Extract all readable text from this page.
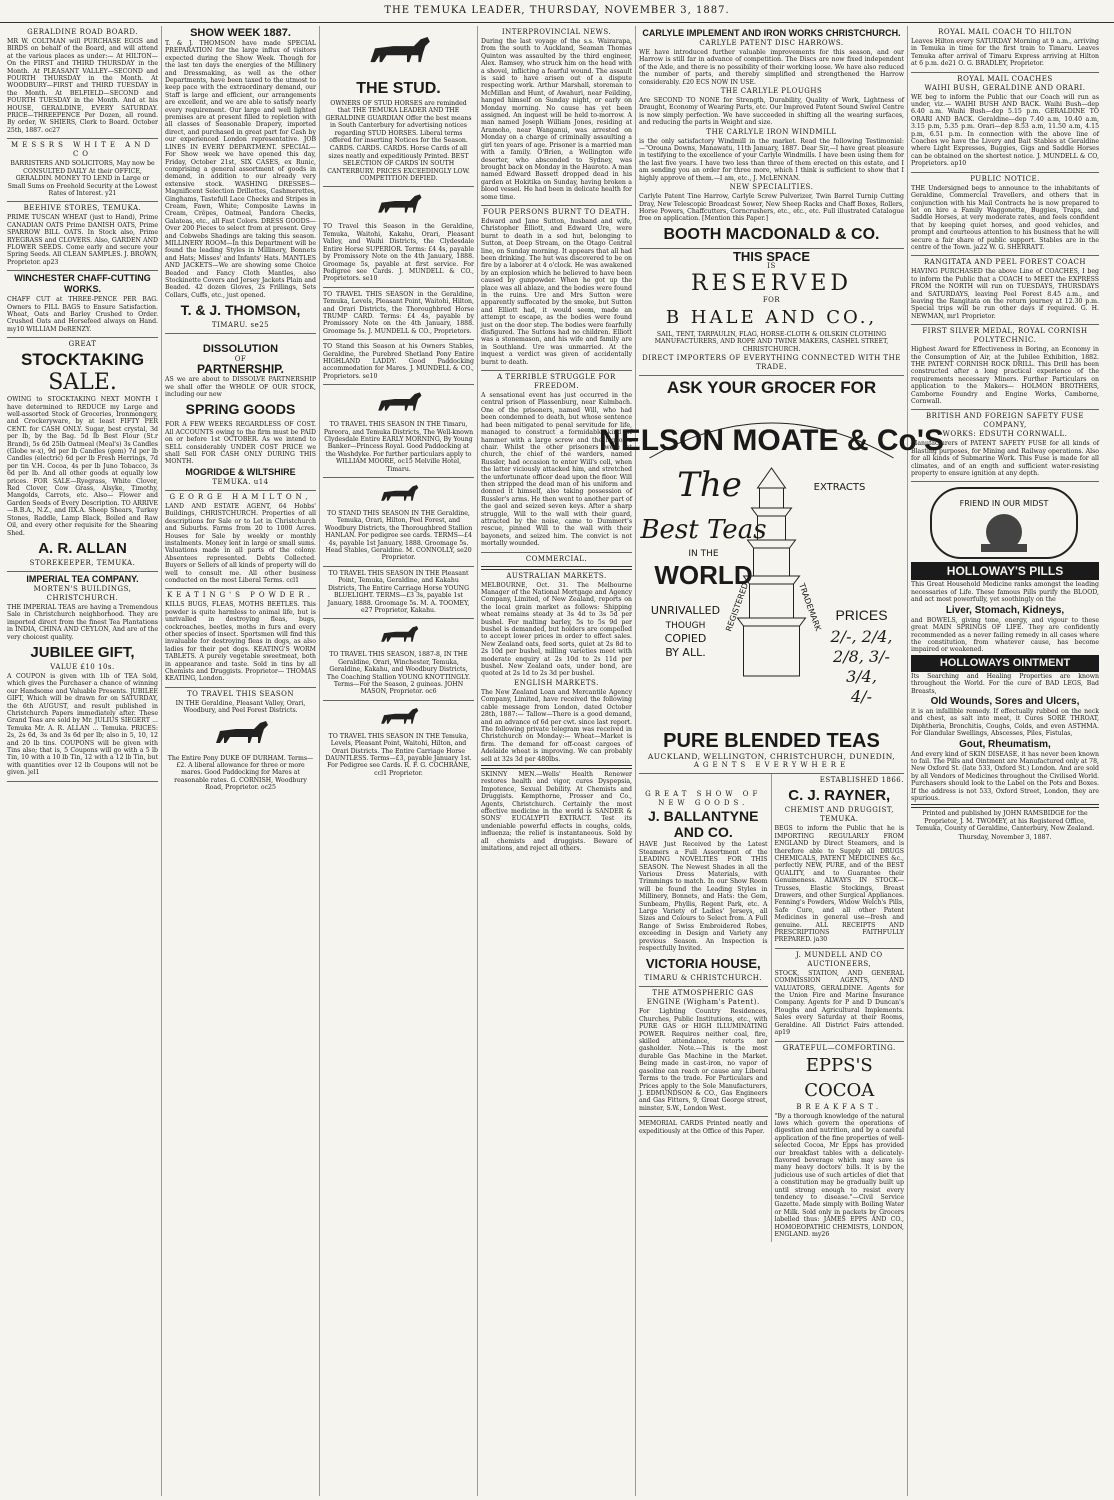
THE TEMUKA LEADER, THURSDAY, NOVEMBER 3, 1887.
GERALDINE ROAD BOARD.
MR W. COLTMAN will PURCHASE EGGS and BIRDS on behalf of the Board, and will attend at the various places as under:— At HILTON—On the FIRST and THIRD THURSDAY in the Month. At PLEASANT VALLEY—SECOND and FOURTH THURSDAY in the Month. At WOODBURY—FIRST and THIRD TUESDAY in the Month. At BELFIELD—SECOND and FOURTH TUESDAY in the Month. And at his HOUSE, GERALDINE, EVERY SATURDAY. PRICE—THREEPENCE Per Dozen, all round. By order, W. SHIERS, Clerk to Board. October 25th, 1887. oc27
MESSRS WHITE AND CO
BARRISTERS AND SOLICITORS, May now be CONSULTED DAILY At their OFFICE, GERALDIN. MONEY TO LEND in Large or Small Sums on Freehold Security at the Lowest Rates of Interest. y21
BEEHIVE STORES, TEMUKA.
PRIME TUSCAN WHEAT (just to Hand), Prime CANADIAN OATS Prime DANISH OATS, Prime SPARROW BILL OATS. In Stock also, Prime RYEGRASS and CLOVERS. Also, GARDEN AND FLOWER SEEDS. Come early and secure your Spring Seeds. All CLEAN SAMPLES. J. BROWN, Proprietor. ap23
WINCHESTER CHAFF-CUTTING WORKS.
CHAFF CUT at THREE-PENCE PER BAG. Owners to FILL BAGS to Ensure Satisfaction. Wheat, Oats and Barley Crushed to Order. Crushed Oats and Horsefeed always on Hand. my10 WILLIAM DeRENZY.
GREAT
STOCKTAKING
SALE.
OWING to STOCKTAKING NEXT MONTH I have determined to REDUCE my Large and well-assorted Stock of Groceries, Ironmongery, and Crockeryware, by at least FIFTY PER CENT. for CASH ONLY. Sugar, best crystal, 3d per lb, by the Bag. 5d lb Best Flour (St.r Brand), 5s 6d 25lb Oatmeal (Meal's) 3s Candles (Globe w-x), 9d per lb Candles (gem) 7d per lb Candles (electric) 6d per lb Fresh Herrings, 7d per tin V.H. Cocoa, 4s per lb Juno Tobacco, 3s 6d per lb. And all other goods at equally low prices. FOR SALE—Ryegrass, White Clover, Red Clover, Cow Grass, Alsyke, Timothy, Mangolds, Carrots, etc. Also— Flower and Garden Seeds of Every Description. TO ARRIVE—B.B.A., N.Z., and IIX.A. Sheep Shears, Turkey Stones, Raddle, Lamp Black, Boiled and Raw Oil, and every other requisite for the Shearing Shed.
A. R. ALLAN
STOREKEEPER, TEMUKA.
IMPERIAL TEA COMPANY.
MORTEN'S BUILDINGS, CHRISTCHURCH.
THE IMPERIAL TEAS are having a Tremendous Sale in Christchurch neighborhood. They are imported direct from the finest Tea Plantations in INDIA, CHINA AND CEYLON, And are of the very choicest quality.
JUBILEE GIFT,
VALUE £10 10s.
A COUPON is given with 1lb of TEA Sold, which gives the Purchaser a chance of winning our Handsome and Valuable Presents. JUBILEE GIFT, Which will be drawn for on SATURDAY, the 6th AUGUST, and result published in Christchurch Papers immediately after. These Grand Teas are sold by Mr. JULIUS SIEGERT ... Temuka Mr. A. R. ALLAN ... Temuka. PRICES: 2s, 2s 6d, 3s and 3s 6d per lb; also in 5, 10, 12 and 20 lb tins. COUPONS will be given with Tins also; that is, 5 Coupons will go with a 5 lb Tin, 10 with a 10 lb Tin, 12 with a 12 lb Tin, but with quantities over 12 lb Coupons will not be given. jel1
SHOW WEEK 1887.
T. & J. THOMSON have made SPECIAL PREPARATION for the large influx of visitors expected during the Show Week. Though for the last ten days the energies of the Millinery and Dressmaking, as well as the other Departments, have been taxed to the utmost to keep pace with the extraordinary demand, our Staff is large and efficient, our arrangements are excellent, and we are able to satisfy nearly every requirement. Our large and well lighted premises are at present filled to repletion with all classes of Seasonable Drapery, imported direct, and purchased in great part for Cash by our experienced London representative. JOB LINES IN EVERY DEPARTMENT. SPECIAL—For Show week we have opened this day, Friday, October 21st, SIX CASES, ex Runic, comprising a general assortment of goods in demand, in addition to our already very extensive stock. WASHING DRESSES—Magnificent Selection Drillettes, Cashmerettes, Ginghams, Tastefull Lace Checks and Stripes in Cream, Fawn, White; Composite Lawns in Cream, Crêpes, Oatmeal, Pandora Checks, Galateas, etc., all Fast Colors. DRESS GOODS—Over 200 Pieces to select from at present. Grey and Cobwebs Shadings are taking this season. MILLINERY ROOM—In this Department will be found the leading Styles in Millinery, Bonnets and Hats; Misses' and Infants' Hats. MANTLES AND JACKETS—We are showing some Choice Beaded and Fancy Cloth Mantles, also Stockinette Covers and Jersey Jackets Plain and Beaded. 42 dozen Gloves, 2s Frillings, Sets Collars, Cuffs, etc., just opened.
T. & J. THOMSON,
TIMARU. se25
DISSOLUTION
OF
PARTNERSHIP.
AS we are about to DISSOLVE PARTNERSHIP we shall offer the WHOLE OF OUR STOCK, including our new
SPRING GOODS
FOR A FEW WEEKS REGARDLESS OF COST. All ACCOUNTS owing to the firm must be PAID on or before 1st OCTOBER. As we intend to SELL considerably UNDER COST PRICE we shall Sell FOR CASH ONLY DURING THIS MONTH.
MOGRIDGE & WILTSHIRE
TEMUKA. u14
GEORGE HAMILTON,
LAND AND ESTATE AGENT, 64 Hobbs' Buildings, CHRISTCHURCH. Properties of all descriptions for Sale or to Let in Christchurch and Suburbs. Farms from 20 to 1000 Acres. Houses for Sale by weekly or monthly instalments. Money lent in large or small sums. Valuations made in all parts of the colony. Absentees represented. Debts Collected. Buyers or Sellers of all kinds of property will do well to consult me. All other business conducted on the most Liberal Terms. ccl1
KEATING'S POWDER.
KILLS BUGS, FLEAS, MOTHS BEETLES. This powder is quite harmless to animal life, but is unrivalled in destroying fleas, bugs, cockroaches, beetles, moths in furs and every other species of insect. Sportsmen will find this invaluable for destroying fleas in dogs, as also ladies for their pet dogs. KEATING'S WORM TABLETS. A purely vegetable sweetmeat, both in appearance and taste. Sold in tins by all Chemists and Druggists. Proprietor— THOMAS KEATING, London.
TO TRAVEL THIS SEASON
IN THE Geraldine, Pleasant Valley, Orari, Woodbury, and Peel Forest Districts.
The Entire Pony DUKE OF DURHAM. Terms—£2. A liberal allowance for three or more mares. Good Paddocking for Mares at reasonable rates. G. CORNISH, Woodbury Road, Proprietor. oc25
THE STUD.
OWNERS OF STUD HORSES are reminded that THE TEMUKA LEADER AND THE GERALDINE GUARDIAN Offer the best means in South Canterbury for advertising notices regarding STUD HORSES. Liberal terms offered for inserting Notices for the Season.
CARDS. CARDS. CARDS. Horse Cards of all sizes neatly and expeditiously Printed. BEST SELECTION OF CARDS IN SOUTH CANTERBURY. PRICES EXCEEDINGLY LOW. COMPETITION DEFIED.
TO Travel this Season in the Geraldine, Temuka, Waitohi, Kakahu, Orari, Pleasant Valley, and Waihi Districts, the Clydesdale Entire Horse SUPERIOR. Terms: £4 4s, payable by Promissory Note on the 4th January, 1888. Groomage 5s, payable at first service. For Pedigree see Cards. J. MUNDELL & CO., Proprietors. se10
TO TRAVEL THIS SEASON in the Geraldine, Temuka, Levels, Pleasant Point, Waitohi, Hilton, and Orari Districts, the Thoroughbred Horse TRUMP CARD. Terms: £4 4s, payable by Promissory Note on the 4th January, 1888. Groomage 5s. J. MUNDELL & CO., Proprietors.
TO Stand this Season at his Owners Stables, Geraldine, the Purebred Shetland Pony Entire HIGHLAND LADDY. Good Paddocking accommodation for Mares. J. MUNDELL & CO., Proprietors. se10
TO TRAVEL THIS SEASON IN THE Timaru, Pareora, and Temuka Districts, The Well-known Clydesdale Entire EARLY MORNING, By Young Banker—Princess Royal. Good Paddocking at the Washdyke. For further particulars apply to WILLIAM MOORE, oc15 Melville Hotel, Timaru.
TO STAND THIS SEASON IN THE Geraldine, Temuka, Orari, Hilton, Peel Forest, and Woodbury Districts, the Thoroughbred Stallion HANLAN. For pedigree see cards. TERMS—£4 4s, payable 1st January, 1888. Groomage 5s. Head Stables, Geraldine. M. CONNOLLY, se20 Proprietor.
TO TRAVEL THIS SEASON IN THE Pleasant Point, Temuka, Geraldine, and Kakahu Districts, The Entire Carriage Horse YOUNG BLUELIGHT. TERMS—£3 3s, payable 1st January, 1888. Groomage 5s. M. A. TOOMEY, e27 Proprietor, Kakahu.
TO TRAVEL THIS SEASON, 1887-8, IN THE Geraldine, Orari, Winchester, Temuka, Geraldine, Kakahu, and Woodbury Districts, The Coaching Stallion YOUNG KNOTTINGLY. Terms—For the Season, 2 guineas. JOHN MASON, Proprietor. oc6
TO TRAVEL THIS SEASON IN THE Temuka, Levels, Pleasant Point, Waitohi, Hilton, and Orari Districts. The Entire Carriage Horse DAUNTLESS. Terms—£3, payable January 1st. For Pedigree see Cards. R. F. G. COCHRANE, ccl1 Proprietor.
INTERPROVINCIAL NEWS.
During the last voyage of the s.s. Wairarapa, from the south to Auckland, Seaman Thomas Quinton was assaulted by the third engineer, Alex. Ramsey, who struck him on the head with a shovel, inflicting a fearful wound. The assault is said to have arisen out of a dispute respecting work. Arthur Marshall, storeman to McMillan and Hunt, of Awahuri, near Feilding, hanged himself on Sunday night, or early on Monday morning. No cause has yet been assigned. An inquest will be held to-morrow. A man named Joseph William Jones, residing at Aramoho, near Wanganui, was arrested on Monday on a charge of criminally assaulting a girl ten years of age. Prisoner is a married man with a family. O'Brien, a Wellington wife deserter, who absconded to Sydney, was brought back on Monday in the Hauroto. A man named Edward Bassett dropped dead in his garden at Hokitika on Sunday, having broken a blood vessel. He had been in delicate health for some time.
FOUR PERSONS BURNT TO DEATH.
Edward and Jane Sutton, husband and wife, Christopher Elliott, and Edward Ure, were burnt to death in a sod hut, belonging to Sutton, at Deep Stream, on the Otago Central line, on Sunday morning. It appears that all had been drinking. The hut was discovered to be on fire by a laborer at 4 o'clock. He was awakened by an explosion which he believed to have been caused by gunpowder. When he got up the place was all ablaze, and the bodies were found in the ruins. Ure and Mrs Sutton were apparently suffocated by the smoke, but Sutton and Elliott had, it would seem, made an attempt to escape, as the bodies were found just on the door step. The bodies were fearfully disfigured. The Suttons had no children. Elliott was a stonemason, and his wife and family are in Southland. Ure was unmarried. At the inquest a verdict was given of accidentally burnt to death.
A TERRIBLE STRUGGLE FOR FREEDOM.
A sensational event has just occurred in the central prison of Plassenburg, near Kulmbach. One of the prisoners, named Will, who had been condemned to death, but whose sentence had been mitigated to penal servitude for life, managed to construct a formidable kind of hammer with a large screw and the leg of a chair. Whilst the other prisoners were at church, the chief of the warders, named Russler, had occasion to enter Will's cell, when the latter viciously attacked him, and stretched the unfortunate officer dead upon the floor. Will then stripped the dead man of his uniform and donned it himself, also taking possession of Russler's arms. He then went to another part of the gaol and seized seven keys. After a sharp struggle, Will to the wall with their guard, attracted by the noise, came to Dummert's rescue, pinned Will to the wall with their bayonets, and seized him. The convict is not mortally wounded.
COMMERCIAL.
AUSTRALIAN MARKETS.
MELBOURNE, Oct. 31. The Melbourne Manager of the National Mortgage and Agency Company, Limited, of New Zealand, reports on the local grain market as follows: Shipping wheat remains steady at 3s 4d to 3s 5d per bushel. For malting barley, 5s to 5s 9d per bushel is demanded, but holders are compelled to accept lower prices in order to effect sales. New Zealand oats, feed sorts, quiet at 2s 8d to 2s 10d per bushel, milling varieties meet with moderate enquiry at 2s 10d to 2s 11d per bushel. New Zealand oats, under bond, are quoted at 2s 1d to 2s 3d per bushel.
ENGLISH MARKETS.
The New Zealand Loan and Mercantile Agency Company, Limited, have received the following cable message from London, dated October 28th, 1887:— Tallow—There is a good demand, and an advance of 6d per cwt. since last report. The following private telegram was received in Christchurch on Monday:— Wheat—Market is firm. The demand for off-coast cargoes of Adelaide wheat is improving. We can probably sell at 32s 3d per 480lbs.
SKINNY MEN.—Wells' Health Renewer restores health and vigor, cures Dyspepsia, Impotence, Sexual Debility. At Chemists and Druggists. Kempthorne, Prosser and Co., Agents, Christchurch. Certainly the most effective medicine in the world is SANDER & SONS' EUCALYPTI EXTRACT. Test its undeniable powerful effects in coughs, colds, influenza; the relief is instantaneous. Sold by all chemists and druggists. Beware of imitations, and reject all others.
CARLYLE IMPLEMENT AND IRON WORKS CHRISTCHURCH.
CARLYLE PATENT DISC HARROWS.
WE have introduced further valuable improvements for this season, and our Harrow is still far in advance of competition. The Discs are now fixed independent of the Axle, and there is no possibility of their working loose. We have also reduced the number of parts, and thereby simplified and strengthened the Harrow considerably. £20 ECS NOW IN USE.
THE CARLYLE PLOUGHS
Are SECOND TO NONE for Strength, Durability, Quality of Work, Lightness of Draught, Economy of Wearing Parts, etc. Our Improved Patent Sound Swivel Centre is now simply perfection. We have succeeded in shifting all the wearing surfaces, and reducing the parts in Weight and size.
THE CARLYLE IRON WINDMILL
is the only satisfactory Windmill in the market. Read the following Testimonial:—"Orouna Downs, Manawatu, 11th January, 1887. Dear Sir,—I have great pleasure in testifying to the excellence of your Carlyle Windmills. I have been using them for the last five years. I have two less than three of them erected on this estate, and I am sending you an order for three more, which I think is sufficient to show that I highly approve of them.—I am, etc., J. McLENNAN.
NEW SPECIALITIES.
Carlyle Patent Tine Harrow, Carlyle Screw Pulverizer, Twin Barrel Turnip Cutting Dray, New Telescopic Broadcast Sower, New Sheep Racks and Chaff Boxes, Rollers, Horse Powers, Chaffcutters, Corncrushers, etc., etc., etc. Full illustrated Catalogue free on application. [Mention this Paper.]
BOOTH MACDONALD & CO.
THIS SPACE
IS
RESERVED
FOR
B HALE AND CO.,
SAIL, TENT, TARPAULIN, FLAG, HORSE-CLOTH & OILSKIN CLOTHING MANUFACTURERS, AND ROPE AND TWINE MAKERS, CASHEL STREET, CHRISTCHURCH.
DIRECT IMPORTERS OF EVERYTHING CONNECTED WITH THE TRADE.
ASK YOUR GROCER FOR
NELSON MOATE & Co'S
The
Best Teas
IN THE
WORLD
UNRIVALLED
THOUGH
COPIED
BY ALL.
EXTRACTS
REGISTERED	TRADEMARK PRICES
2/-, 2/4,
2/8, 3/-
3/4,
4/-
PURE BLENDED TEAS
AUCKLAND, WELLINGTON, CHRISTCHURCH, DUNEDIN,
AGENTS EVERYWHERE
GREAT SHOW OF NEW GOODS.
J. BALLANTYNE AND CO.
HAVE Just Received by the Latest Steamers a Full Assortment of the LEADING NOVELTIES FOR THIS SEASON. The Newest Shades in all the Various Dress Materials, with Trimmings to match. In our Show Room will be found the Leading Styles in Millinery, Bonnets, and Hats: the Gem, Sunbeam, Phyllis, Regent Park, etc. A Large Variety of Ladies' Jerseys, all Sizes and Colours to Select from. A Full Range of Swiss Embroidered Robes, exceeding in Design and Variety any previous Season. An Inspection is respectfully Invited.
VICTORIA HOUSE,
TIMARU & CHRISTCHURCH.
THE ATMOSPHERIC GAS ENGINE (Wigham's Patent).
For Lighting Country Residences, Churches, Public Institutions, etc., with PURE GAS or HIGH ILLUMINATING POWER. Requires neither coal, fire, skilled attendance, retorts nor gasholder. Note.—This is the most durable Gas Machine in the Market. Being made in cast-iron, no vapor of gasoline can reach or cause any Liberal Terms to the trade. For Particulars and Prices apply to the Sole Manufacturers, J. EDMUNDSON & CO., Gas Engineers and Gas Fitters, 9, Great George street, minster, S.W., London West.
MEMORIAL CARDS Printed neatly and expeditiously at the Office of this Paper.
ESTABLISHED 1866.
C. J. RAYNER,
CHEMIST AND DRUGGIST, TEMUKA.
BEGS to inform the Public that he is IMPORTING REGULARLY FROM ENGLAND by Direct Steamers, and is therefore able to Supply all DRUGS CHEMICALS, PATENT MEDICINES &c., perfectly NEW, PURE, and of the BEST QUALITY, and to Guarantee their Genuineness. ALWAYS IN STOCK—Trusses, Elastic Stockings, Breast Drawers, and other Surgical Appliances. Fenning's Powders, Widow Welch's Pills, Safe Cure, and all other Patent Medicines in general use—fresh and genuine. ALL RECEIPTS AND PRESCRIPTIONS FAITHFULLY PREPARED. ja30
J. MUNDELL AND CO AUCTIONEERS,
STOCK, STATION, AND GENERAL COMMISSION AGENTS, AND VALUATORS, GERALDINE. Agents for the Union Fire and Marine Insurance Company. Agents for P and D Duncan's Ploughs and Agricultural Implements. Sales every Saturday at their Rooms, Geraldine. All District Fairs attended. ap19
GRATEFUL—COMFORTING.
EPPS'S COCOA
BREAKFAST.
"By a thorough knowledge of the natural laws which govern the operations of digestion and nutrition, and by a careful application of the fine properties of well-selected Cocoa, Mr Epps has provided our breakfast tables with a delicately-flavored beverage which may save us many heavy doctors' bills. It is by the judicious use of such articles of diet that a constitution may be gradually built up until strong enough to resist every tendency to disease."—Civil Service Gazette. Made simply with Boiling Water or Milk. Sold only in packets by Grocers labelled thus: JAMES EPPS AND CO., HOMOEOPATHIC CHEMISTS, LONDON, ENGLAND. my26
ROYAL MAIL COACH TO HILTON
Leaves Hilton every SATURDAY Morning at 9 a.m., arriving in Temuka in time for the first train to Timaru. Leaves Temuka after arrival of Timaru Express arriving at Hilton at 6 p.m. de21 O. G. BRADLEY, Proprietor.
ROYAL MAIL COACHES
WAIHI BUSH, GERALDINE AND ORARI.
WE beg to inform the Public that our Coach will run as under, viz.— WAIHI BUSH AND BACK. Waihi Bush—dep 6.40 a.m. Waihi Bush—dep 5.15 p.m. GERALDINE TO ORARI AND BACK. Geraldine—dep 7.40 a.m, 10.40 a.m, 3.15 p.m, 5.35 p.m. Orari—dep 8.53 a.m, 11.50 a.m, 4.15 p.m, 6.51 p.m. In connection with the above line of Coaches we have the Livery and Bait Stables at Geraldine where Light Expresses, Buggies, Gigs and Saddle Horses can be obtained on the shortest notice. J. MUNDELL & CO, Proprietors. ap10
PUBLIC NOTICE.
THE Undersigned begs to announce to the inhabitants of Geraldine, Commercial Travellers, and others that in conjunction with his Mail Contracts he is now prepared to let on hire a Family Waggonette, Buggies, Traps, and Saddle Horses, at very moderate rates, and feels confident that by keeping quiet horses, and good vehicles, and prompt and courteous attention to his business that he will secure a fair share of public support. Stables are in the centre of the Town. ja22 W. G. SHERRATT.
RANGITATA AND PEEL FOREST COACH
HAVING PURCHASED the above Line of COACHES, I beg to inform the Public that a COACH to MEET the EXPRESS FROM the NORTH will run on TUESDAYS, THURSDAYS and SATURDAYS, leaving Peel Forest 8.45 a.m., and leaving the Rangitata on the return journey at 12.30 p.m. Special trips will be run other days if required. G. H. NEWMAN, mr1 Proprietor.
FIRST SILVER MEDAL, ROYAL CORNISH POLYTECHNIC.
Highest Award for Effectiveness in Boring, an Economy in the Consumption of Air, at the Jubilee Exhibition, 1882. THE PATENT CORNISH ROCK DRILL. This Drill has been constructed after a long practical experience of the requirements necessary Miners. Further Particulars on application to the Makers— HOLMON BROTHERS, Camborne Foundry and Engine Works, Camborne, Cornwall.
BRITISH AND FOREIGN SAFETY FUSE COMPANY,
WORKS: EDSUTH CORNWALL.
Manufacturers of PATENT SAFETY FUSE for all kinds of Blasting purposes, for Mining and Railway operations. Also for all kinds of Submarine Work. This Fuse is made for all climates, and of an ength and sufficient water-resisting property to ensure ignition at any depth.
FRIEND IN OUR MIDST
HOLLOWAY'S PILLS
This Great Household Medicine ranks amongst the leading necessaries of Life. These famous Pills purify the BLOOD, and act most powerfully, yet soothingly on the
Liver, Stomach, Kidneys,
and BOWELS, giving tone, energy, and vigour to these great MAIN SPRINGS OF LIFE. They are confidently recommended as a never failing remedy in all cases where the constitution, from whatever cause, has become impaired or weakened.
HOLLOWAYS OINTMENT
Its Searching and Healing Properties are known throughout the World. For the cure of BAD LEGS, Bad Breasts,
Old Wounds, Sores and Ulcers,
it is an infallible remedy. If effectually rubbed on the neck and chest, as salt into meat, it Cures SORE THROAT, Diphtheria, Bronchitis, Coughs, Colds, and even ASTHMA. For Glandular Swellings, Abscesses, Piles, Fistulas,
Gout, Rheumatism,
And every kind of SKIN DISEASE, it has never been known to fail. The Pills and Ointment are Manufactured only at 78, New Oxford St. (late 533, Oxford St.) London. And are sold by all Vendors of Medicines throughout the Civilised World. Purchasers should look to the Label on the Pots and Boxes. If the address is not 533, Oxford Street, London, they are spurious.
Printed and published by JOHN RAMSBIDGE for the Proprietor, J. M. TWOMEY, at his Registered Office, Temuka, County of Geraldine, Canterbury, New Zealand.
Thursday, November 3, 1887.
